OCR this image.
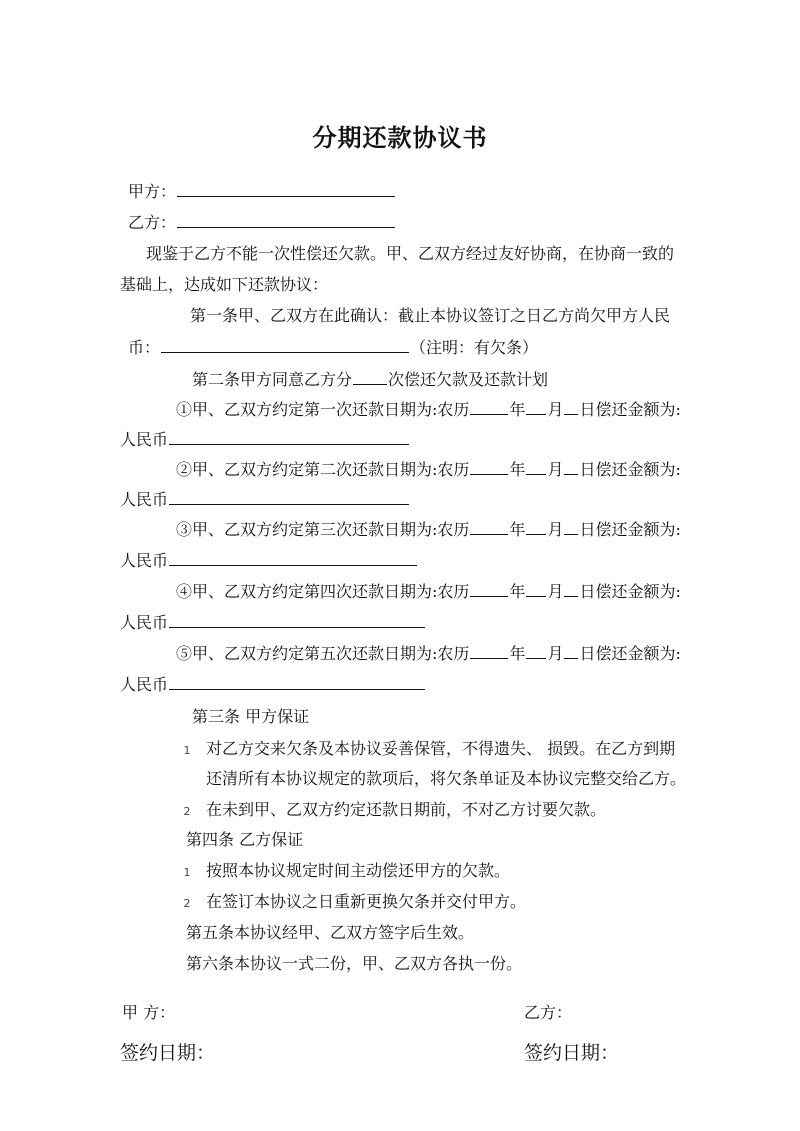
分期还款协议书
甲方：
乙方：
现鉴于乙方不能一次性偿还欠款。甲、乙双方经过友好协商，在协商一致的
基础上，达成如下还款协议：
第一条甲、乙双方在此确认：截止本协议签订之日乙方尚欠甲方人民
币：	（注明：有欠条）
第二条甲方同意乙方分 次偿还欠款及还款计划
①甲、乙双方约定第一次还款日期为:农历	年 月 日偿还金额为:
人民币
②甲、乙双方约定第二次还款日期为:农历	年 月 日偿还金额为:
人民币
③甲、乙双方约定第三次还款日期为:农历	年 月 日偿还金额为:
人民币
④甲、乙双方约定第四次还款日期为:农历	年 月 日偿还金额为:
人民币
⑤甲、乙双方约定第五次还款日期为:农历	年 月 日偿还金额为:
人民币
第三条 甲方保证
1 对乙方交来欠条及本协议妥善保管，不得遗失、 损毁。在乙方到期
还清所有本协议规定的款项后，将欠条单证及本协议完整交给乙方。
2 在未到甲、乙双方约定还款日期前，不对乙方讨要欠款。
第四条 乙方保证
1 按照本协议规定时间主动偿还甲方的欠款。
2 在签订本协议之日重新更换欠条并交付甲方。
第五条本协议经甲、乙双方签字后生效。
第六条本协议一式二份，甲、乙双方各执一份。
甲 方：	乙方：
签约日期：	签约日期：
